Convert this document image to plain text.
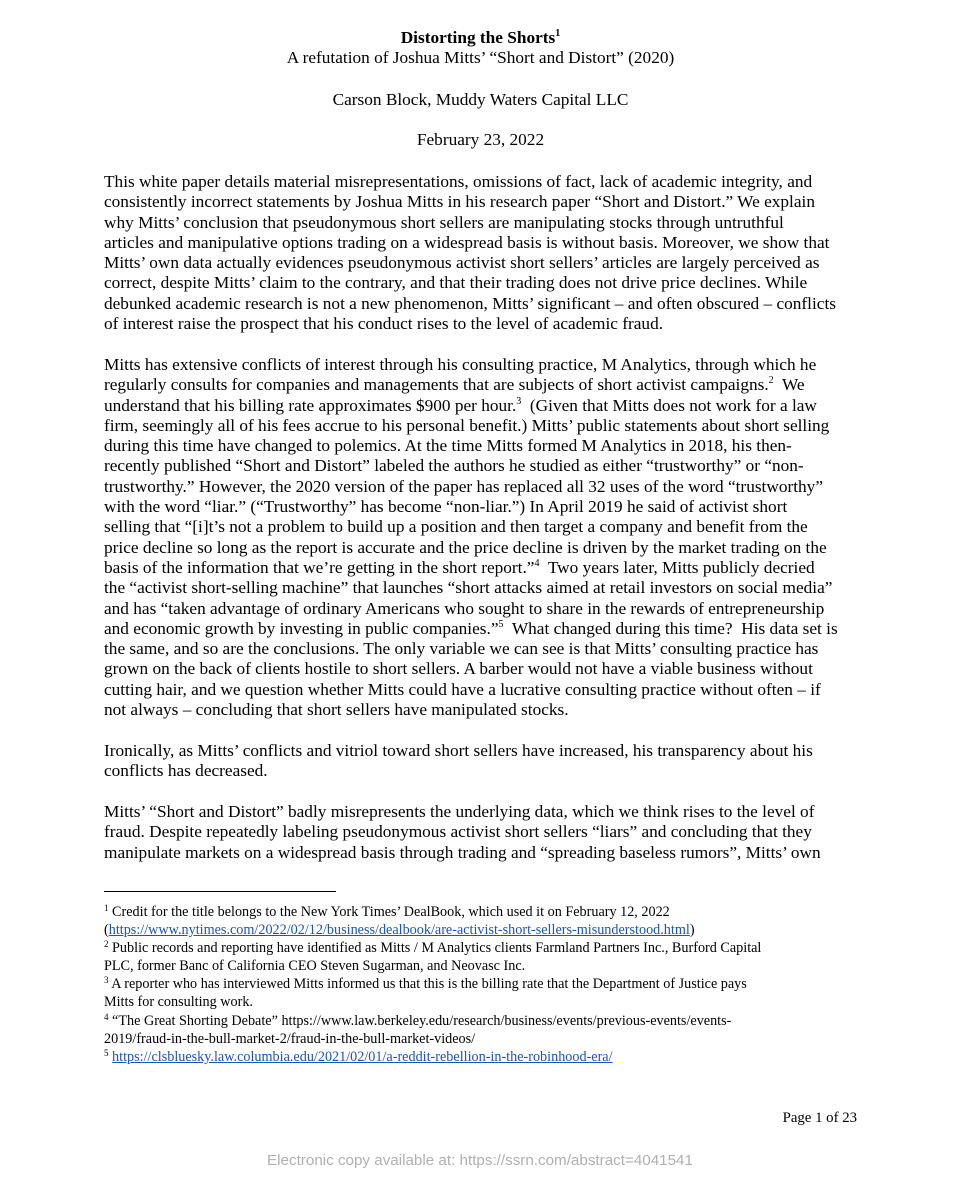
Distorting the Shorts$^1$
A refutation of Joshua Mitts’ “Short and Distort” (2020)
Carson Block, Muddy Waters Capital LLC
February 23, 2022
This white paper details material misrepresentations, omissions of fact, lack of academic integrity, and
consistently incorrect statements by Joshua Mitts in his research paper “Short and Distort.” We explain
why Mitts’ conclusion that pseudonymous short sellers are manipulating stocks through untruthful
articles and manipulative options trading on a widespread basis is without basis. Moreover, we show that
Mitts’ own data actually evidences pseudonymous activist short sellers’ articles are largely perceived as
correct, despite Mitts’ claim to the contrary, and that their trading does not drive price declines. While
debunked academic research is not a new phenomenon, Mitts’ significant – and often obscured – conflicts
of interest raise the prospect that his conduct rises to the level of academic fraud.
Mitts has extensive conflicts of interest through his consulting practice, M Analytics, through which he
regularly consults for companies and managements that are subjects of short activist campaigns.$^2$  We
understand that his billing rate approximates $900 per hour.$^3$  (Given that Mitts does not work for a law
firm, seemingly all of his fees accrue to his personal benefit.) Mitts’ public statements about short selling
during this time have changed to polemics. At the time Mitts formed M Analytics in 2018, his then-
recently published “Short and Distort” labeled the authors he studied as either “trustworthy” or “non-
trustworthy.” However, the 2020 version of the paper has replaced all 32 uses of the word “trustworthy”
with the word “liar.” (“Trustworthy” has become “non-liar.”) In April 2019 he said of activist short
selling that “[i]t’s not a problem to build up a position and then target a company and benefit from the
price decline so long as the report is accurate and the price decline is driven by the market trading on the
basis of the information that we’re getting in the short report.”$^4$  Two years later, Mitts publicly decried
the “activist short-selling machine” that launches “short attacks aimed at retail investors on social media”
and has “taken advantage of ordinary Americans who sought to share in the rewards of entrepreneurship
and economic growth by investing in public companies.”$^5$  What changed during this time?  His data set is
the same, and so are the conclusions. The only variable we can see is that Mitts’ consulting practice has
grown on the back of clients hostile to short sellers. A barber would not have a viable business without
cutting hair, and we question whether Mitts could have a lucrative consulting practice without often – if
not always – concluding that short sellers have manipulated stocks.
Ironically, as Mitts’ conflicts and vitriol toward short sellers have increased, his transparency about his
conflicts has decreased.
Mitts’ “Short and Distort” badly misrepresents the underlying data, which we think rises to the level of
fraud. Despite repeatedly labeling pseudonymous activist short sellers “liars” and concluding that they
manipulate markets on a widespread basis through trading and “spreading baseless rumors”, Mitts’ own
$^1$ Credit for the title belongs to the New York Times’ DealBook, which used it on February 12, 2022
(https://www.nytimes.com/2022/02/12/business/dealbook/are-activist-short-sellers-misunderstood.html)
$^2$ Public records and reporting have identified as Mitts / M Analytics clients Farmland Partners Inc., Burford Capital
PLC, former Banc of California CEO Steven Sugarman, and Neovasc Inc.
$^3$ A reporter who has interviewed Mitts informed us that this is the billing rate that the Department of Justice pays
Mitts for consulting work.
$^4$ “The Great Shorting Debate” https://www.law.berkeley.edu/research/business/events/previous-events/events-
2019/fraud-in-the-bull-market-2/fraud-in-the-bull-market-videos/
$^5$ https://clsbluesky.law.columbia.edu/2021/02/01/a-reddit-rebellion-in-the-robinhood-era/
Page 1 of 23
Electronic copy available at: https://ssrn.com/abstract=4041541
